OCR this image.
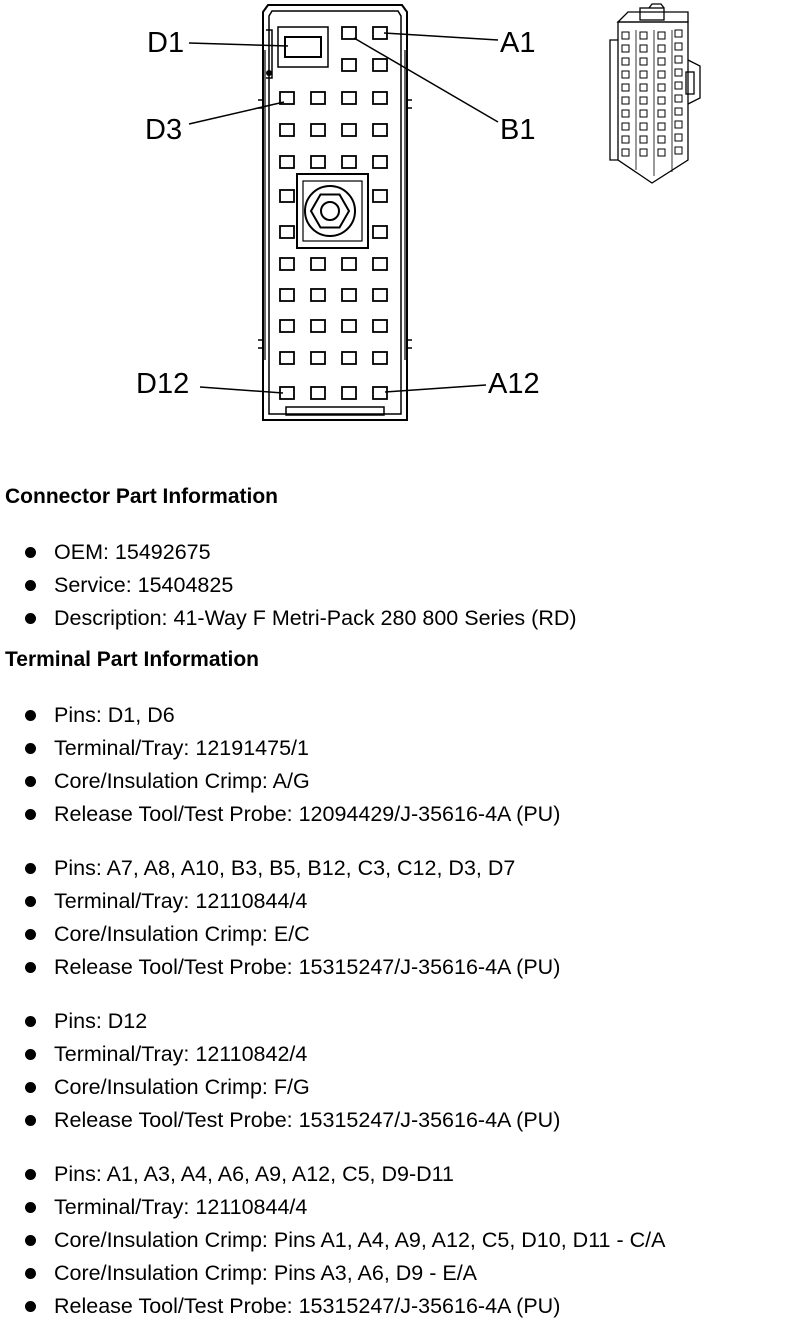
D1
D3
D12
A1
B1
A12
Connector Part Information
OEM: 15492675
Service: 15404825
Description: 41-Way F Metri-Pack 280 800 Series (RD)
Terminal Part Information
Pins: D1, D6
Terminal/Tray: 12191475/1
Core/Insulation Crimp: A/G
Release Tool/Test Probe: 12094429/J-35616-4A (PU)
Pins: A7, A8, A10, B3, B5, B12, C3, C12, D3, D7
Terminal/Tray: 12110844/4
Core/Insulation Crimp: E/C
Release Tool/Test Probe: 15315247/J-35616-4A (PU)
Pins: D12
Terminal/Tray: 12110842/4
Core/Insulation Crimp: F/G
Release Tool/Test Probe: 15315247/J-35616-4A (PU)
Pins: A1, A3, A4, A6, A9, A12, C5, D9-D11
Terminal/Tray: 12110844/4
Core/Insulation Crimp: Pins A1, A4, A9, A12, C5, D10, D11 - C/A
Core/Insulation Crimp: Pins A3, A6, D9 - E/A
Release Tool/Test Probe: 15315247/J-35616-4A (PU)
